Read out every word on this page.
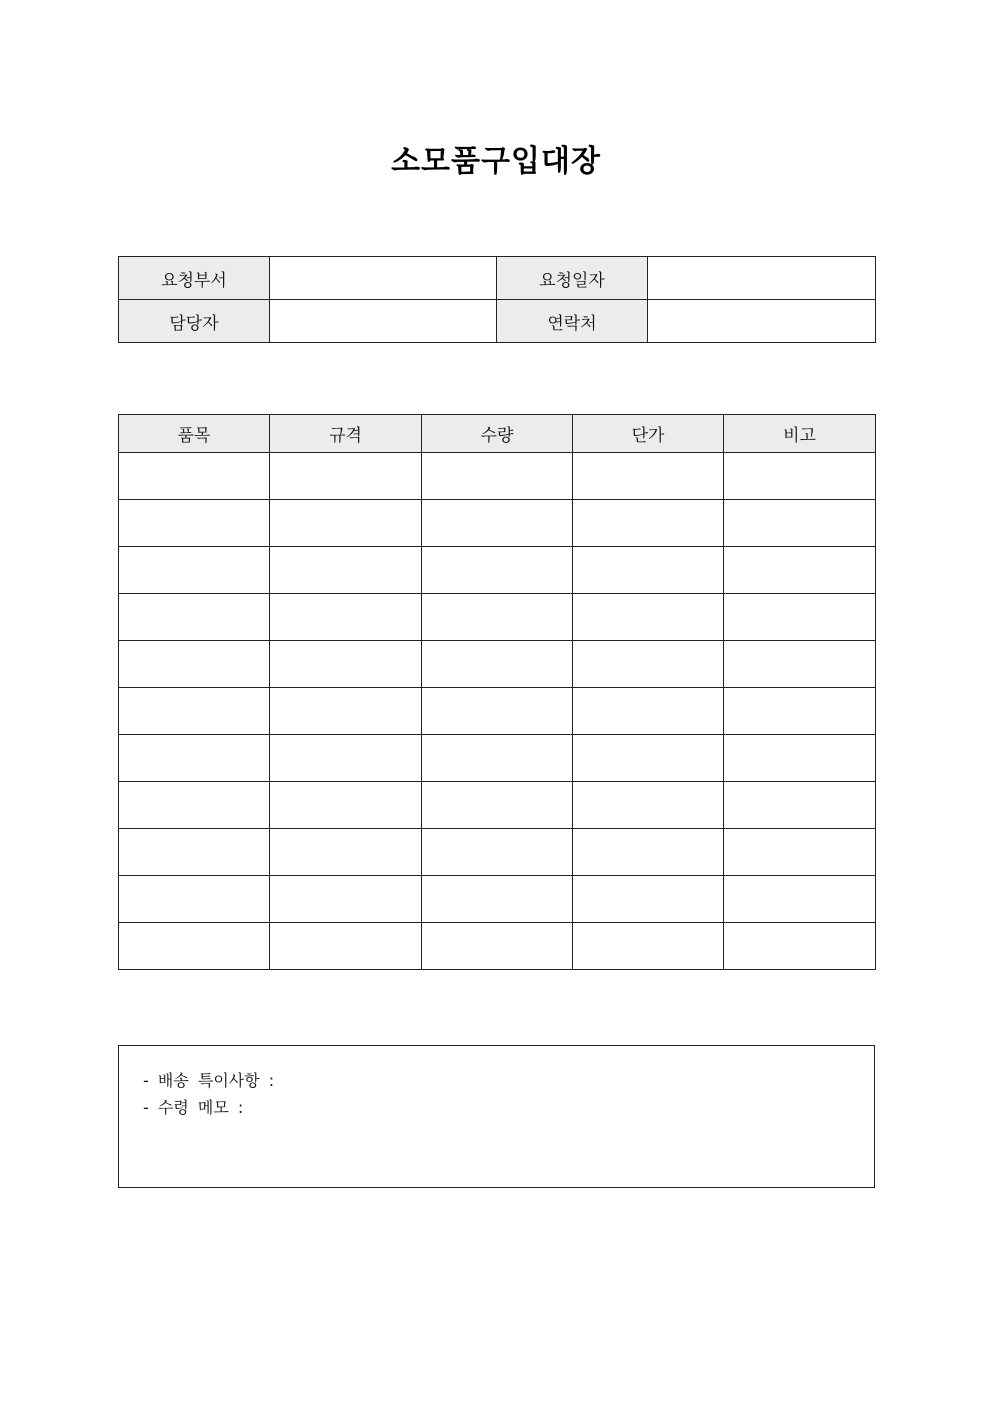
소모품구입대장
요청부서		요청일자	
담당자		연락처	
품목	규격	수량	단가	비고

- 배송 특이사항 :
- 수령 메모 :
